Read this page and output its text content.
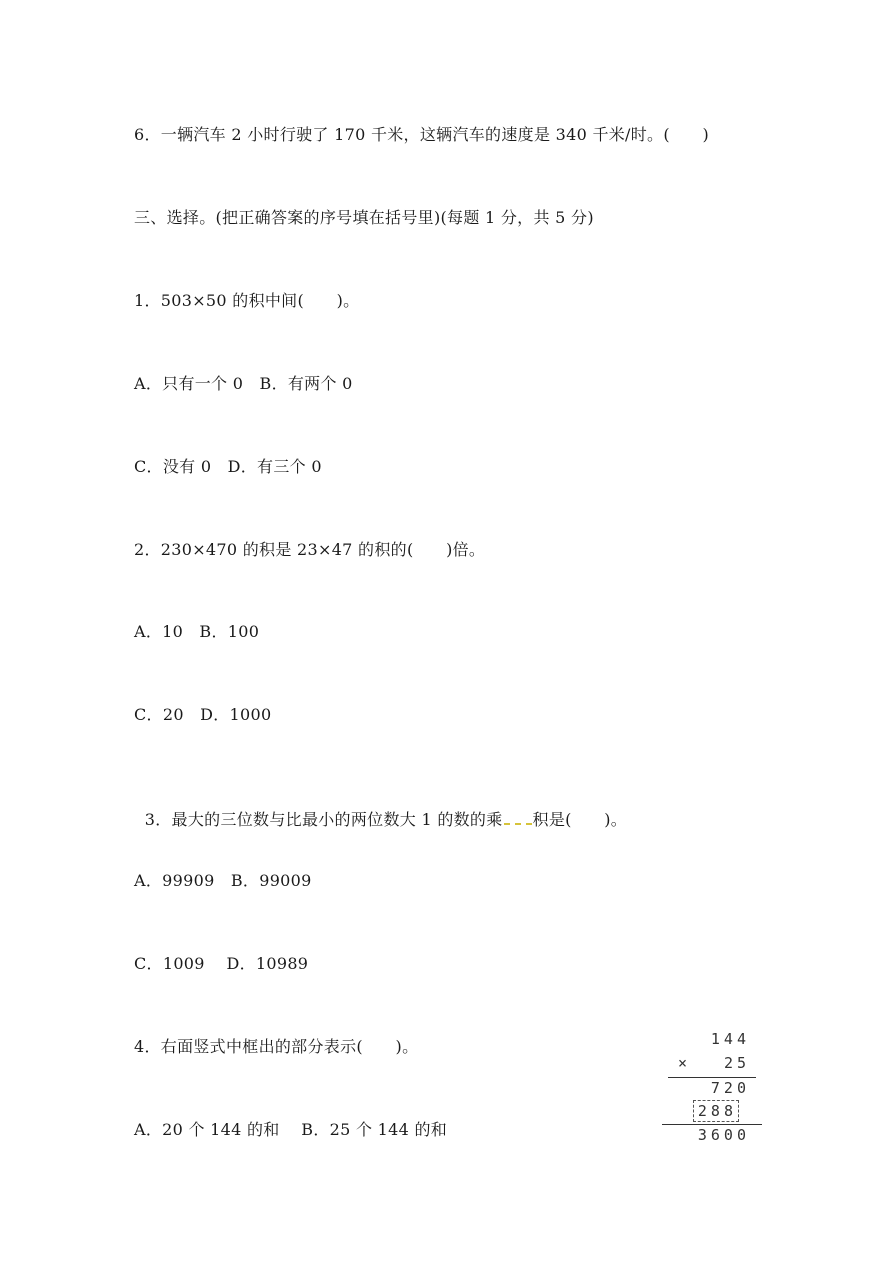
6．一辆汽车 2 小时行驶了 170 千米，这辆汽车的速度是 340 千米/时。(　　)
三、选择。(把正确答案的序号填在括号里)(每题 1 分，共 5 分)
1．503×50 的积中间(　　)。
A．只有一个 0　B．有两个 0
C．没有 0　D．有三个 0
2．230×470 的积是 23×47 的积的(　　)倍。
A．10　B．100
C．20　D．1000

3．最大的三位数与比最小的两位数大 1 的数的乘 积是(　　)。

A．99909　B．99009
C．1009　 D．10989
4．右面竖式中框出的部分表示(　　)。
A．20 个 144 的和　 B．25 个 144 的和
144
× 25
720
288
3600
